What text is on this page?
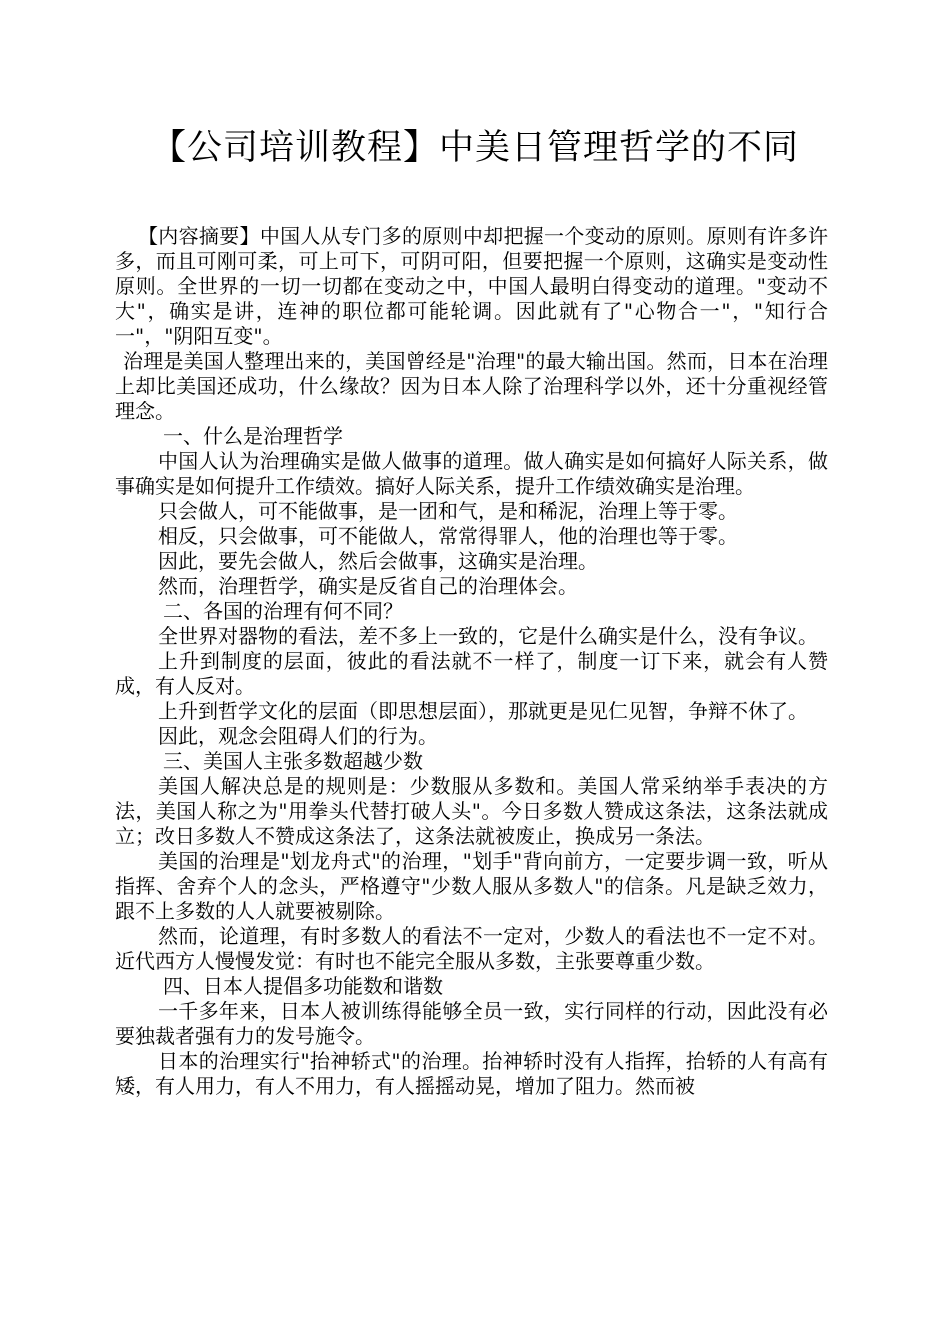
【公司培训教程】中美日管理哲学的不同

【内容摘要】中国人从专门多的原则中却把握一个变动的原则。原则有许多许多，而且可刚可柔，可上可下，可阴可阳，但要把握一个原则，这确实是变动性原则。全世界的一切一切都在变动之中，中国人最明白得变动的道理。"变动不大"，确实是讲，连神的职位都可能轮调。因此就有了"心物合一"，"知行合一"，"阴阳互变"。

治理是美国人整理出来的，美国曾经是"治理"的最大输出国。然而，日本在治理上却比美国还成功，什么缘故？因为日本人除了治理科学以外，还十分重视经管理念。

一、什么是治理哲学

中国人认为治理确实是做人做事的道理。做人确实是如何搞好人际关系，做事确实是如何提升工作绩效。搞好人际关系，提升工作绩效确实是治理。

只会做人，可不能做事，是一团和气，是和稀泥，治理上等于零。

相反，只会做事，可不能做人，常常得罪人，他的治理也等于零。

因此，要先会做人，然后会做事，这确实是治理。

然而，治理哲学，确实是反省自己的治理体会。

二、各国的治理有何不同？

全世界对器物的看法，差不多上一致的，它是什么确实是什么，没有争议。

上升到制度的层面，彼此的看法就不一样了，制度一订下来，就会有人赞成，有人反对。

上升到哲学文化的层面（即思想层面），那就更是见仁见智，争辩不休了。

因此，观念会阻碍人们的行为。

三、美国人主张多数超越少数

美国人解决总是的规则是：少数服从多数和。美国人常采纳举手表决的方法，美国人称之为"用拳头代替打破人头"。今日多数人赞成这条法，这条法就成立；改日多数人不赞成这条法了，这条法就被废止，换成另一条法。

美国的治理是"划龙舟式"的治理，"划手"背向前方，一定要步调一致，听从指挥、舍弃个人的念头，严格遵守"少数人服从多数人"的信条。凡是缺乏效力，跟不上多数的人人就要被剔除。

然而，论道理，有时多数人的看法不一定对，少数人的看法也不一定不对。近代西方人慢慢发觉：有时也不能完全服从多数，主张要尊重少数。

四、日本人提倡多功能数和谐数

一千多年来，日本人被训练得能够全员一致，实行同样的行动，因此没有必要独裁者强有力的发号施令。

日本的治理实行"抬神轿式"的治理。抬神轿时没有人指挥，抬轿的人有高有矮，有人用力，有人不用力，有人摇摇动晃，增加了阻力。然而被
